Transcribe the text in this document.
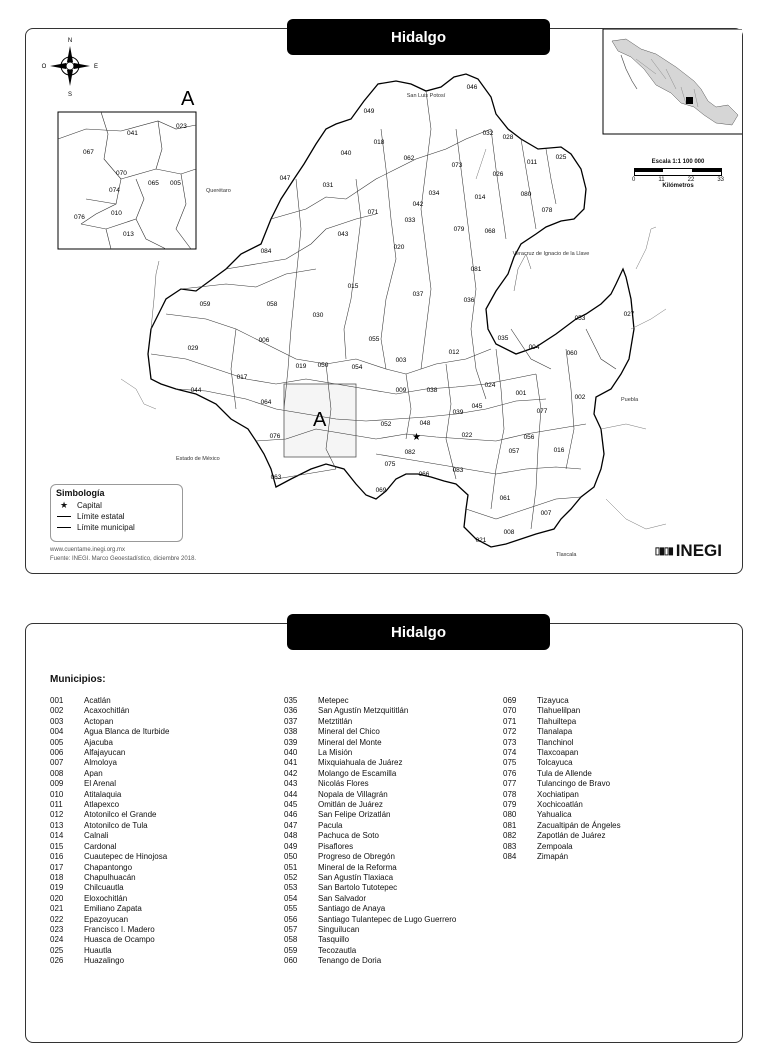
Hidalgo
N
S
E
O
A
041
023
067
070
074
065 005
076
010
013
A
★
049
046
018
032
028
040
062
073	011
025
047
034
026
031
042
014	080
078
071
033
043
079	068
020
084
081
015
037
036
059	058
030	053
027
035
004
006	055
012	060
029
019 050
003
054
017
009	038
024
001
002
044
064
045
048
039	077
052
022
076
082
056
016
057
075
066
083
063
069
061
007
008
021
San Luis Potosí
Querétaro
Veracruz de Ignacio de la Llave
Puebla
Estado de México
Tlaxcala
Escala 1:1 100 000
0	11	22	33
Kilómetros
Simbología
★	Capital
Límite estatal
Límite municipal
www.cuentame.inegi.org.mx
Fuente: INEGI. Marco Geoestadístico, diciembre 2018.
▯▮▯▮ INEGI
Hidalgo
Municipios:
001	Acatlán
002	Acaxochitlán
003	Actopan
004	Agua Blanca de Iturbide
005	Ajacuba
006	Alfajayucan
007	Almoloya
008	Apan
009	El Arenal
010	Atitalaquia
011	Atlapexco
012	Atotonilco el Grande
013	Atotonilco de Tula
014	Calnali
015	Cardonal
016	Cuautepec de Hinojosa
017	Chapantongo
018	Chapulhuacán
019	Chilcuautla
020	Eloxochitlán
021	Emiliano Zapata
022	Epazoyucan
023	Francisco I. Madero
024	Huasca de Ocampo
025	Huautla
026	Huazalingo
035	Metepec
036	San Agustín Metzquititlán
037	Metztitlán
038	Mineral del Chico
039	Mineral del Monte
040	La Misión
041	Mixquiahuala de Juárez
042	Molango de Escamilla
043	Nicolás Flores
044	Nopala de Villagrán
045	Omitlán de Juárez
046	San Felipe Orizatlán
047	Pacula
048	Pachuca de Soto
049	Pisaflores
050	Progreso de Obregón
051	Mineral de la Reforma
052	San Agustín Tlaxiaca
053	San Bartolo Tutotepec
054	San Salvador
055	Santiago de Anaya
056	Santiago Tulantepec de Lugo Guerrero
057	Singuilucan
058	Tasquillo
059	Tecozautla
060	Tenango de Doria
069	Tizayuca
070	Tlahuelilpan
071	Tlahuiltepa
072	Tlanalapa
073	Tlanchinol
074	Tlaxcoapan
075	Tolcayuca
076	Tula de Allende
077	Tulancingo de Bravo
078	Xochiatipan
079	Xochicoatlán
080	Yahualica
081	Zacualtipán de Ángeles
082	Zapotlán de Juárez
083	Zempoala
084	Zimapán
